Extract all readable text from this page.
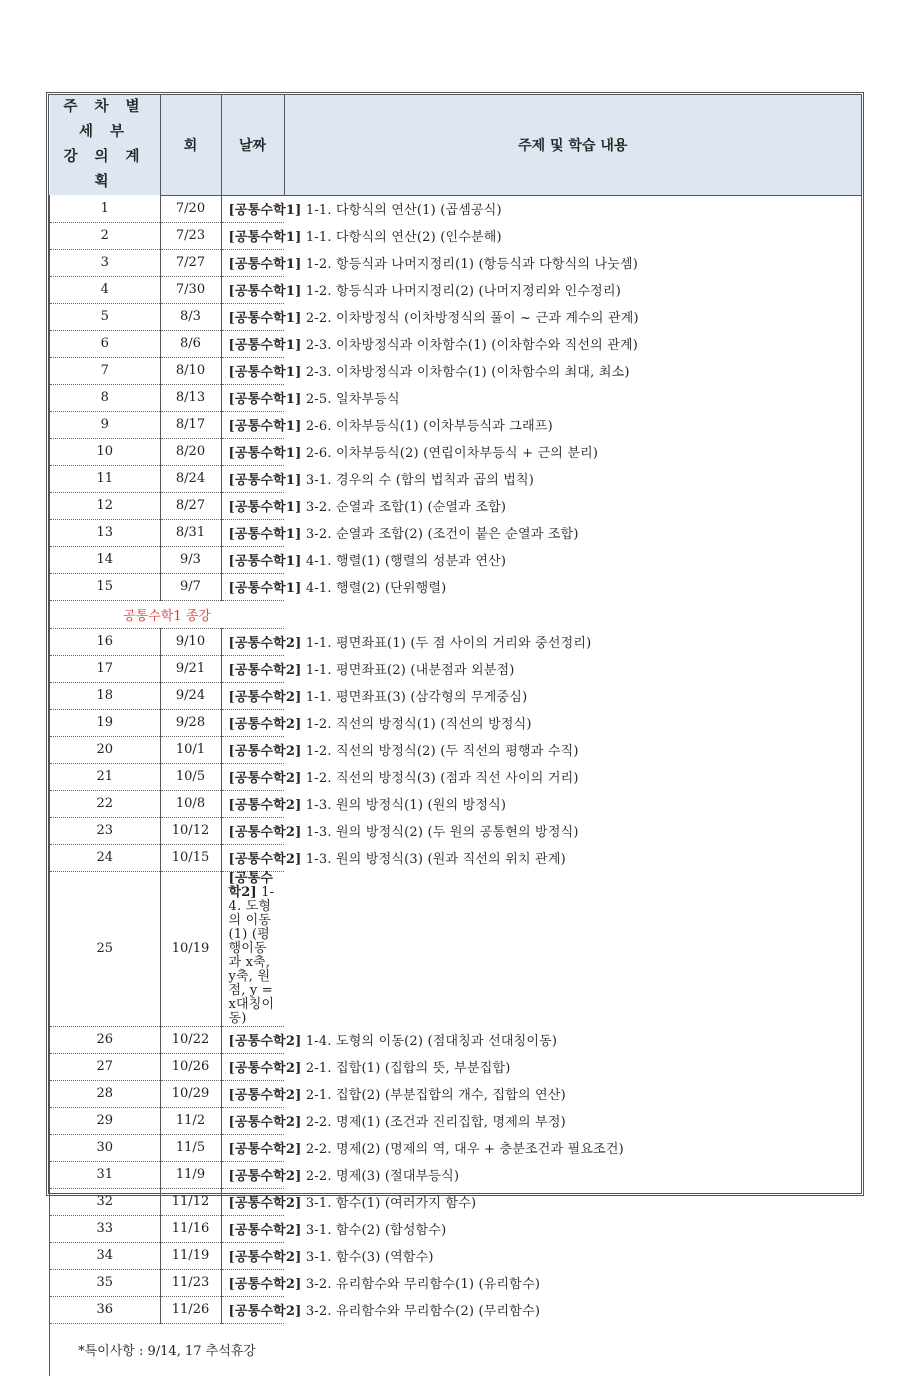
주 차 별
세 부
강 의 계 획	회	날짜	주제 및 학습 내용
1	7/20	[공통수학1] 1-1. 다항식의 연산(1) (곱셈공식)	
2	7/23	[공통수학1] 1-1. 다항식의 연산(2) (인수분해)	
3	7/27	[공통수학1] 1-2. 항등식과 나머지정리(1) (항등식과 다항식의 나눗셈)	
4	7/30	[공통수학1] 1-2. 항등식과 나머지정리(2) (나머지정리와 인수정리)	
5	8/3	[공통수학1] 2-2. 이차방정식 (이차방정식의 풀이 ~ 근과 계수의 관계)	
6	8/6	[공통수학1] 2-3. 이차방정식과 이차함수(1) (이차함수와 직선의 관계)	
7	8/10	[공통수학1] 2-3. 이차방정식과 이차함수(1) (이차함수의 최대, 최소)	
8	8/13	[공통수학1] 2-5. 일차부등식	
9	8/17	[공통수학1] 2-6. 이차부등식(1) (이차부등식과 그래프)	
10	8/20	[공통수학1] 2-6. 이차부등식(2) (연립이차부등식 + 근의 분리)	
11	8/24	[공통수학1] 3-1. 경우의 수 (합의 법칙과 곱의 법칙)	
12	8/27	[공통수학1] 3-2. 순열과 조합(1) (순열과 조합)	
13	8/31	[공통수학1] 3-2. 순열과 조합(2) (조건이 붙은 순열과 조합)	
14	9/3	[공통수학1] 4-1. 행렬(1) (행렬의 성분과 연산)	
15	9/7	[공통수학1] 4-1. 행렬(2) (단위행렬)	
공통수학1 종강			
16	9/10	[공통수학2] 1-1. 평면좌표(1) (두 점 사이의 거리와 중선정리)	
17	9/21	[공통수학2] 1-1. 평면좌표(2) (내분점과 외분점)	
18	9/24	[공통수학2] 1-1. 평면좌표(3) (삼각형의 무게중심)	
19	9/28	[공통수학2] 1-2. 직선의 방정식(1) (직선의 방정식)	
20	10/1	[공통수학2] 1-2. 직선의 방정식(2) (두 직선의 평행과 수직)	
21	10/5	[공통수학2] 1-2. 직선의 방정식(3) (점과 직선 사이의 거리)	
22	10/8	[공통수학2] 1-3. 원의 방정식(1) (원의 방정식)	
23	10/12	[공통수학2] 1-3. 원의 방정식(2) (두 원의 공통현의 방정식)	
24	10/15	[공통수학2] 1-3. 원의 방정식(3) (원과 직선의 위치 관계)	
25	10/19	[공통수학2] 1-4. 도형의 이동(1) (평행이동과 x축, y축, 원점, y = x대칭이동)	
26	10/22	[공통수학2] 1-4. 도형의 이동(2) (점대칭과 선대칭이동)	
27	10/26	[공통수학2] 2-1. 집합(1) (집합의 뜻, 부분집합)	
28	10/29	[공통수학2] 2-1. 집합(2) (부분집합의 개수, 집합의 연산)	
29	11/2	[공통수학2] 2-2. 명제(1) (조건과 진리집합, 명제의 부정)	
30	11/5	[공통수학2] 2-2. 명제(2) (명제의 역, 대우 + 충분조건과 필요조건)	
31	11/9	[공통수학2] 2-2. 명제(3) (절대부등식)	
32	11/12	[공통수학2] 3-1. 함수(1) (여러가지 함수)	
33	11/16	[공통수학2] 3-1. 함수(2) (합성함수)	
34	11/19	[공통수학2] 3-1. 함수(3) (역함수)	
35	11/23	[공통수학2] 3-2. 유리함수와 무리함수(1) (유리함수)	
36	11/26	[공통수학2] 3-2. 유리함수와 무리함수(2) (무리함수)	
*특이사항 : 9/14, 17 추석휴강			
